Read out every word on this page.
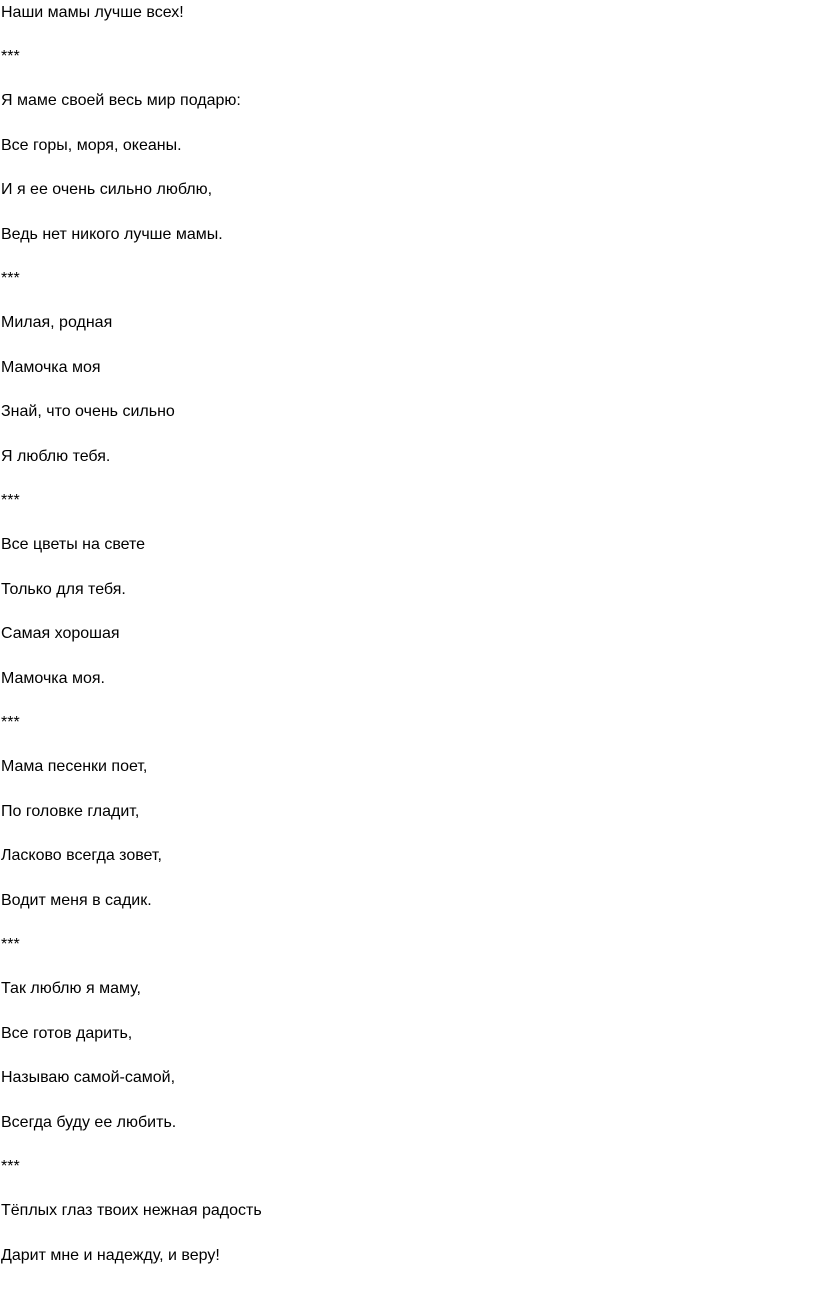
Наши мамы лучше всех!

***

Я маме своей весь мир подарю:

Все горы, моря, океаны.

И я ее очень сильно люблю,

Ведь нет никого лучше мамы.

***

Милая, родная

Мамочка моя

Знай, что очень сильно

Я люблю тебя.

***

Все цветы на свете

Только для тебя.

Самая хорошая

Мамочка моя.

***

Мама песенки поет,

По головке гладит,

Ласково всегда зовет,

Водит меня в садик.

***

Так люблю я маму,

Все готов дарить,

Называю самой-самой,

Всегда буду ее любить.

***

Тёплых глаз твоих нежная радость

Дарит мне и надежду, и веру!
